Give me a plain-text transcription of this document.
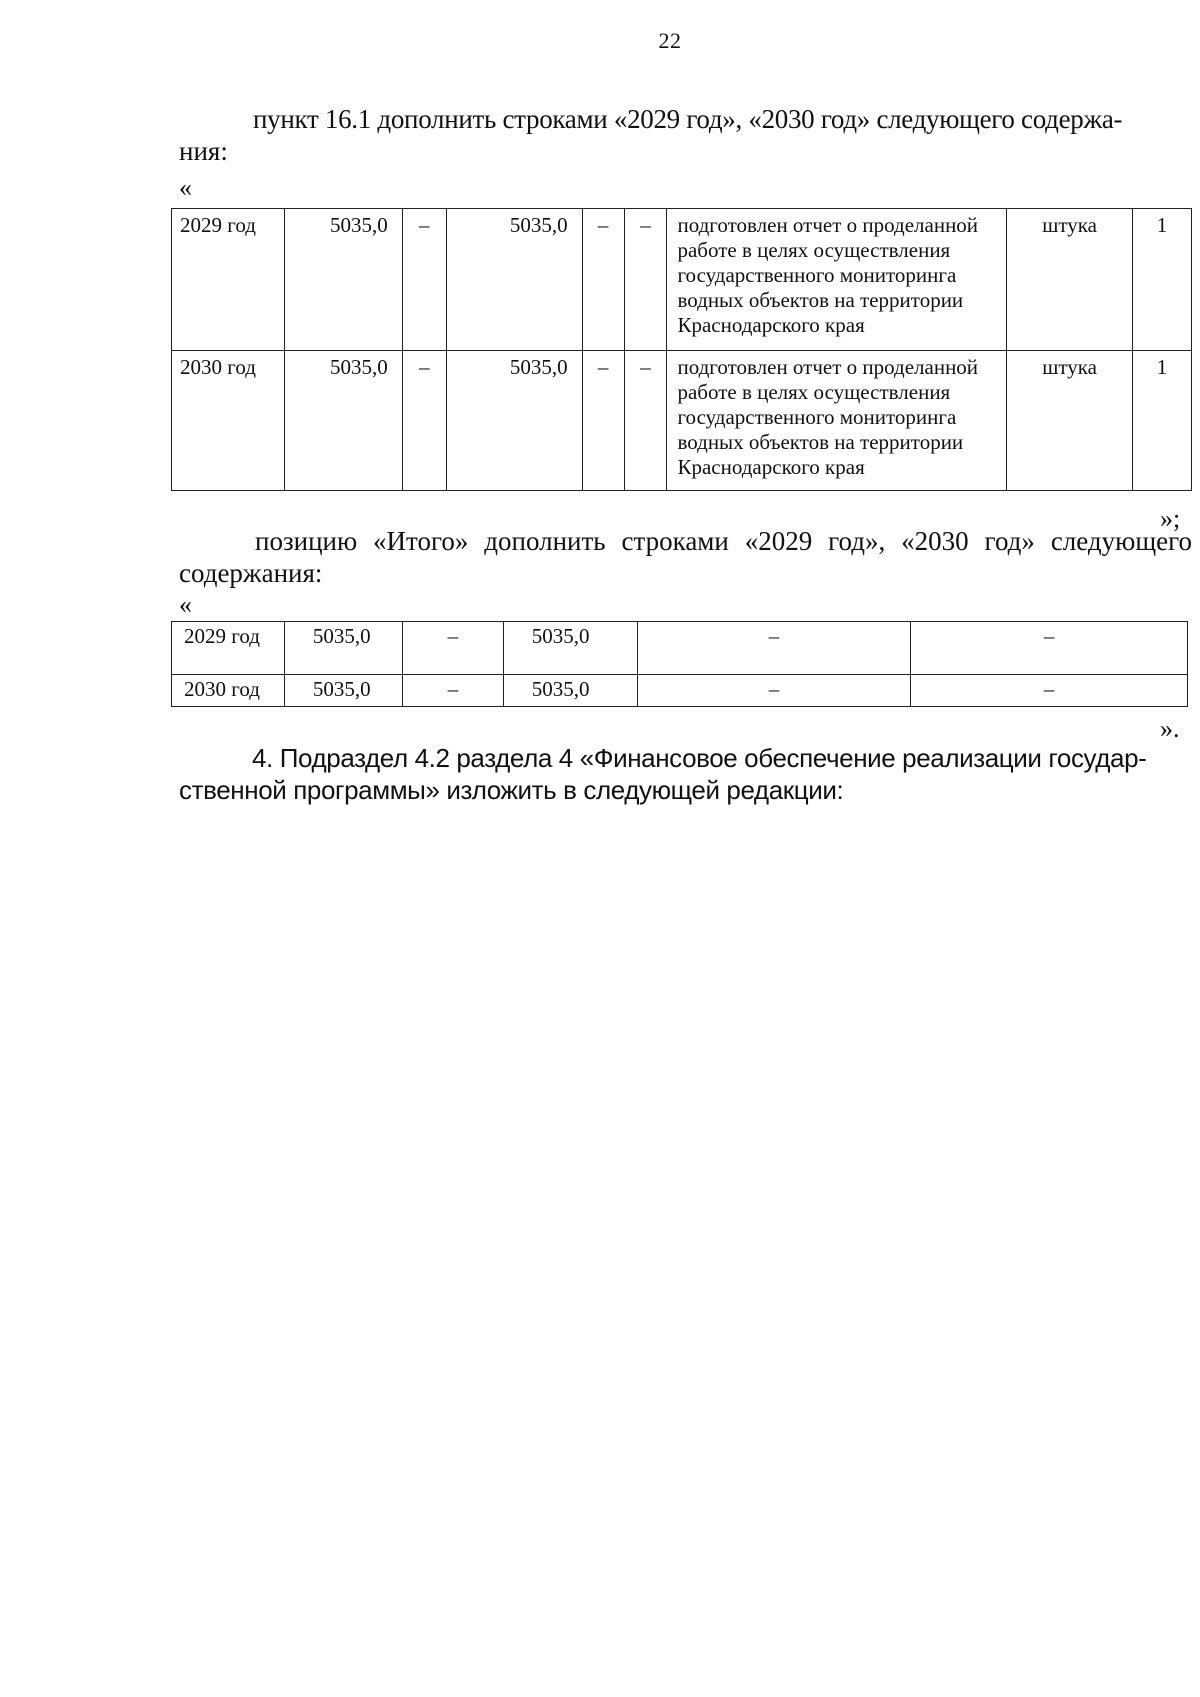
22
пункт 16.1 дополнить строками «2029 год», «2030 год» следующего содержа-
ния:
«
2029 год	5035,0	–	5035,0	–	–	подготовлен отчет о проделанной работе в целях осуществления государственного мониторинга водных объектов на территории Краснодарского края	штука	1
2030 год	5035,0	–	5035,0	–	–	подготовлен отчет о проделанной работе в целях осуществления государственного мониторинга водных объектов на территории Краснодарского края	штука	1
»;
позицию «Итого» дополнить строками «2029 год», «2030 год» следующего
содержания:
«
2029 год	5035,0	–	5035,0	–	–
2030 год	5035,0	–	5035,0	–	–
».
4. Подраздел 4.2 раздела 4 «Финансовое обеспечение реализации государ-
ственной программы» изложить в следующей редакции:
